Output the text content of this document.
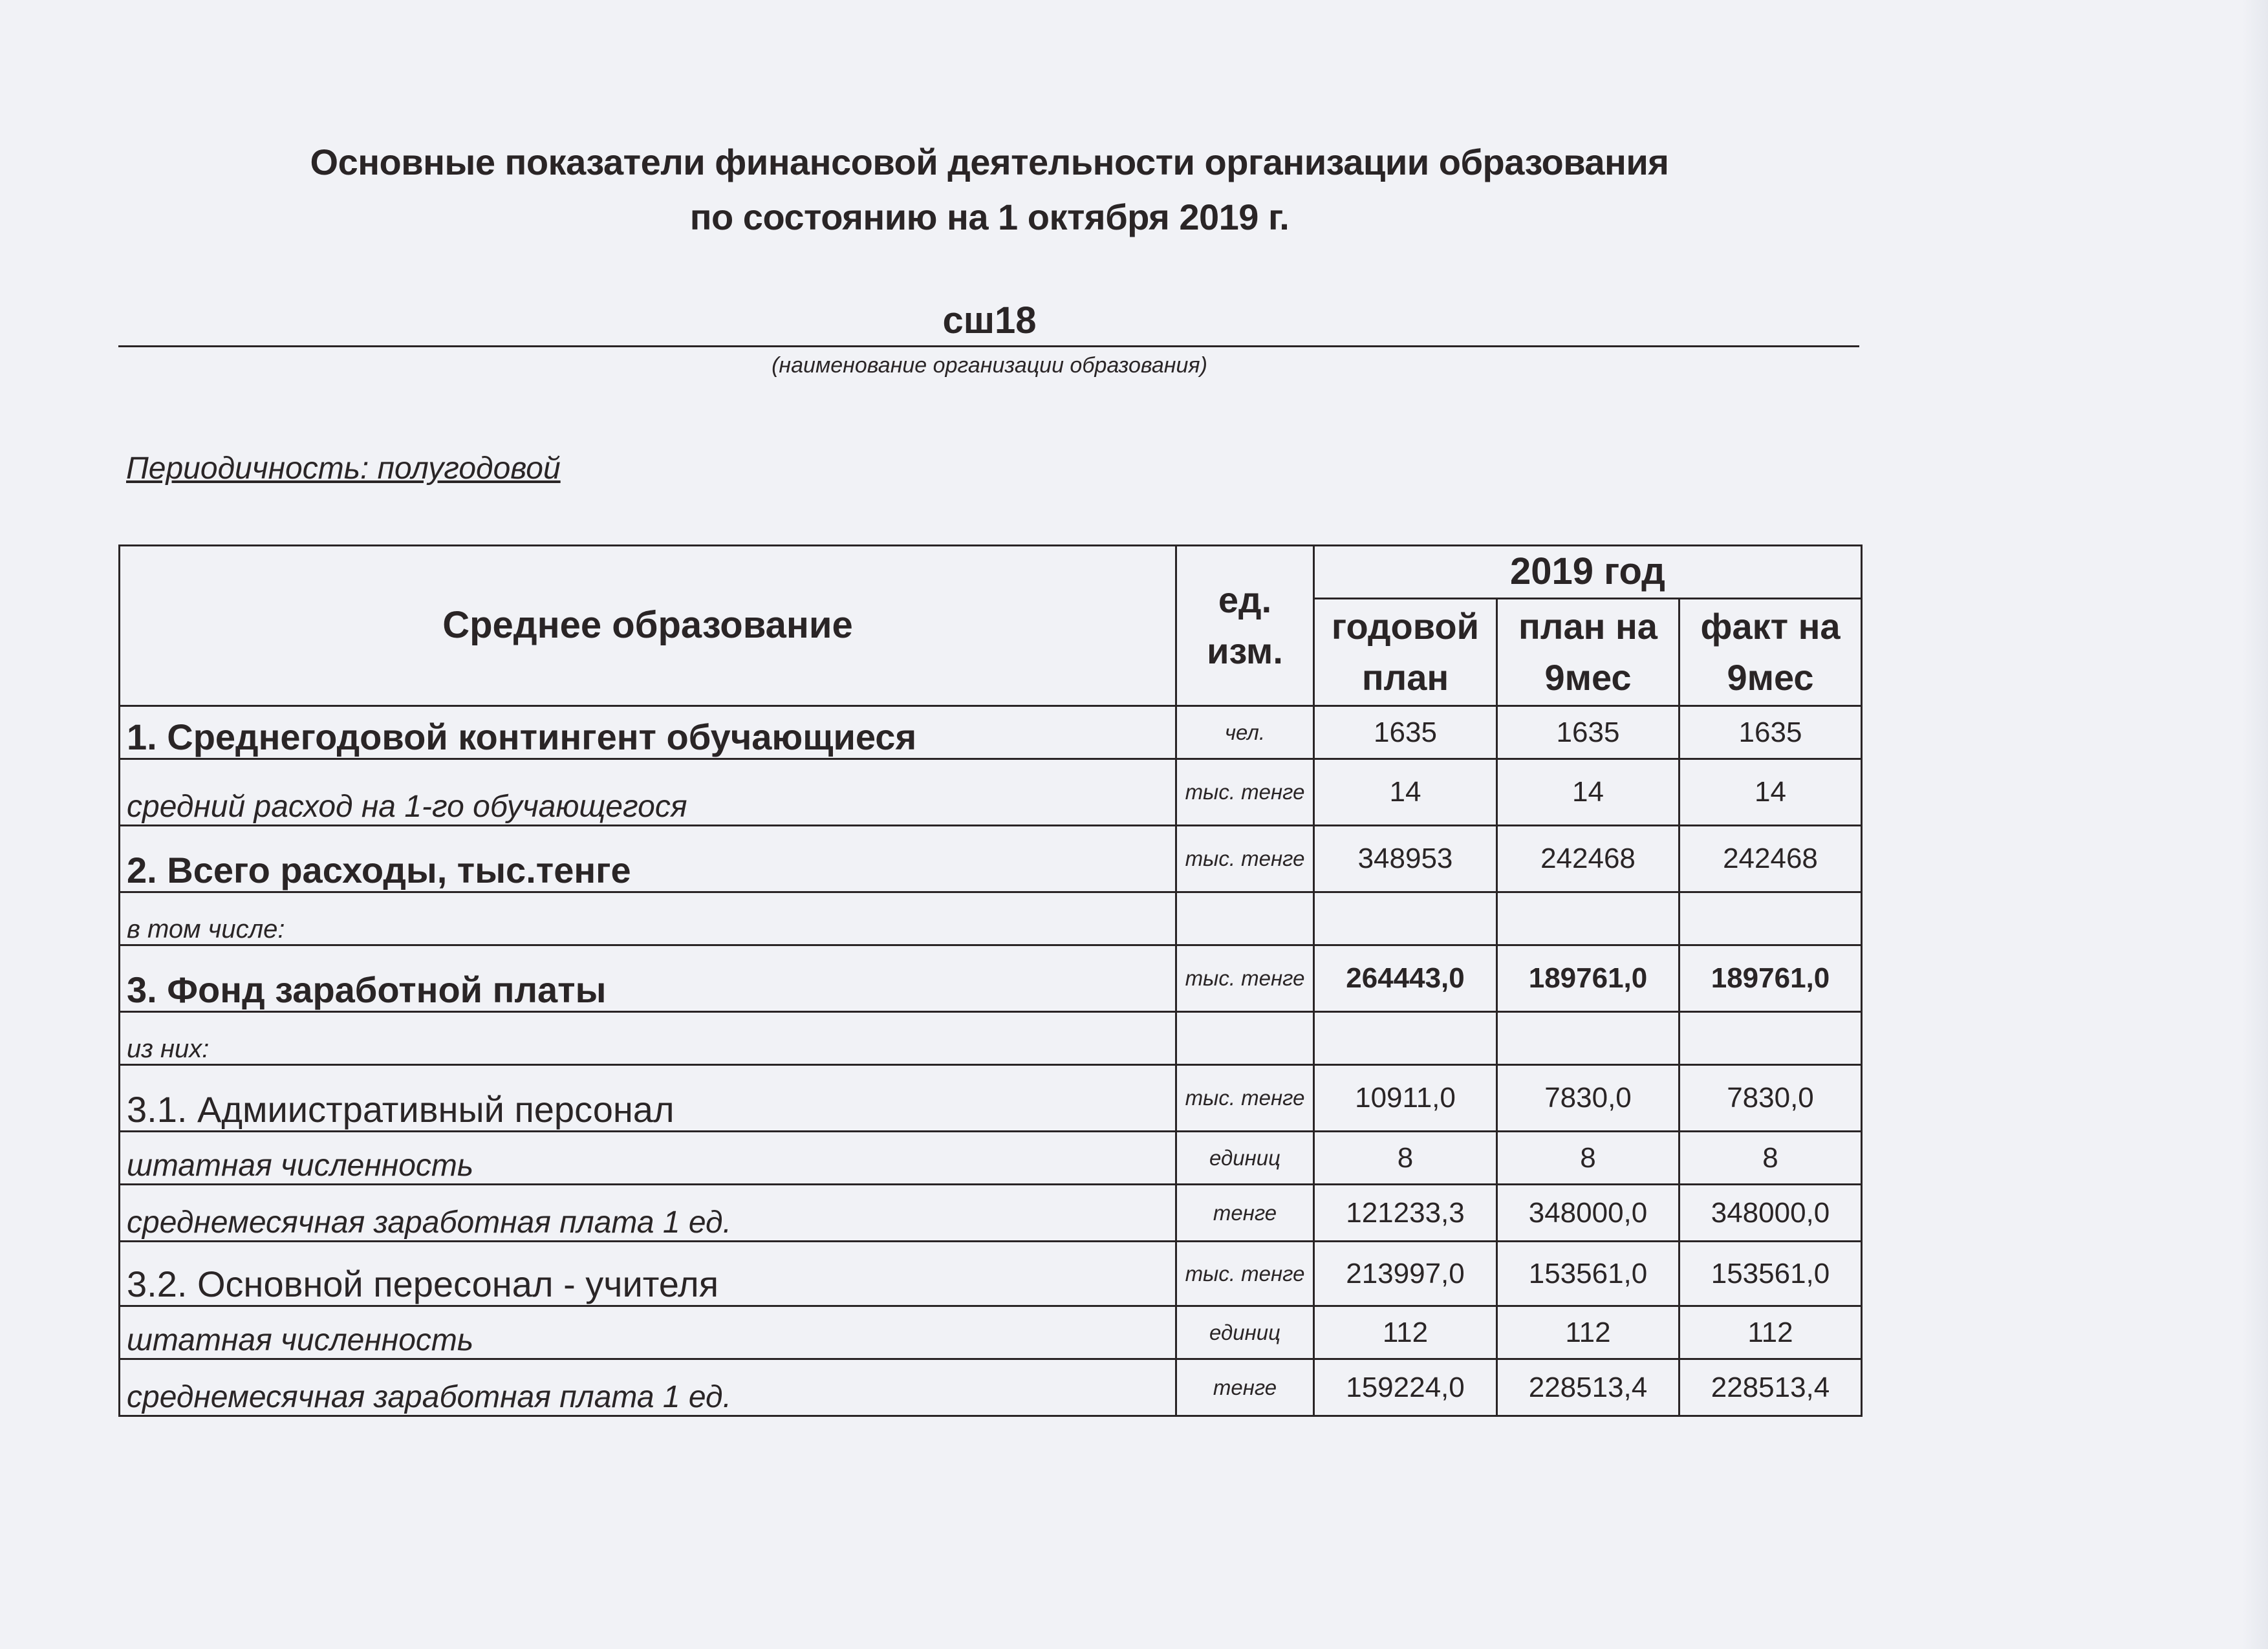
Основные показатели финансовой деятельности организации образования
по состоянию на 1 октября 2019 г.
сш18
(наименование организации образования)
Периодичность: полугодовой
Среднее образование	ед. изм.	2019 год		
		годовой план	план на 9мес	факт на 9мес
1. Среднегодовой контингент обучающиеся	чел.	1635	1635	1635
средний расход на 1-го обучающегося	тыс. тенге	14	14	14
2. Всего расходы, тыс.тенге	тыс. тенге	348953	242468	242468
в том числе:				
3. Фонд заработной платы	тыс. тенге	264443,0	189761,0	189761,0
из них:				
3.1. Адмиистративный персонал	тыс. тенге	10911,0	7830,0	7830,0
штатная численность	единиц	8	8	8
среднемесячная заработная плата 1 ед.	тенге	121233,3	348000,0	348000,0
3.2. Основной пересонал - учителя	тыс. тенге	213997,0	153561,0	153561,0
штатная численность	единиц	112	112	112
среднемесячная заработная плата 1 ед.	тенге	159224,0	228513,4	228513,4
